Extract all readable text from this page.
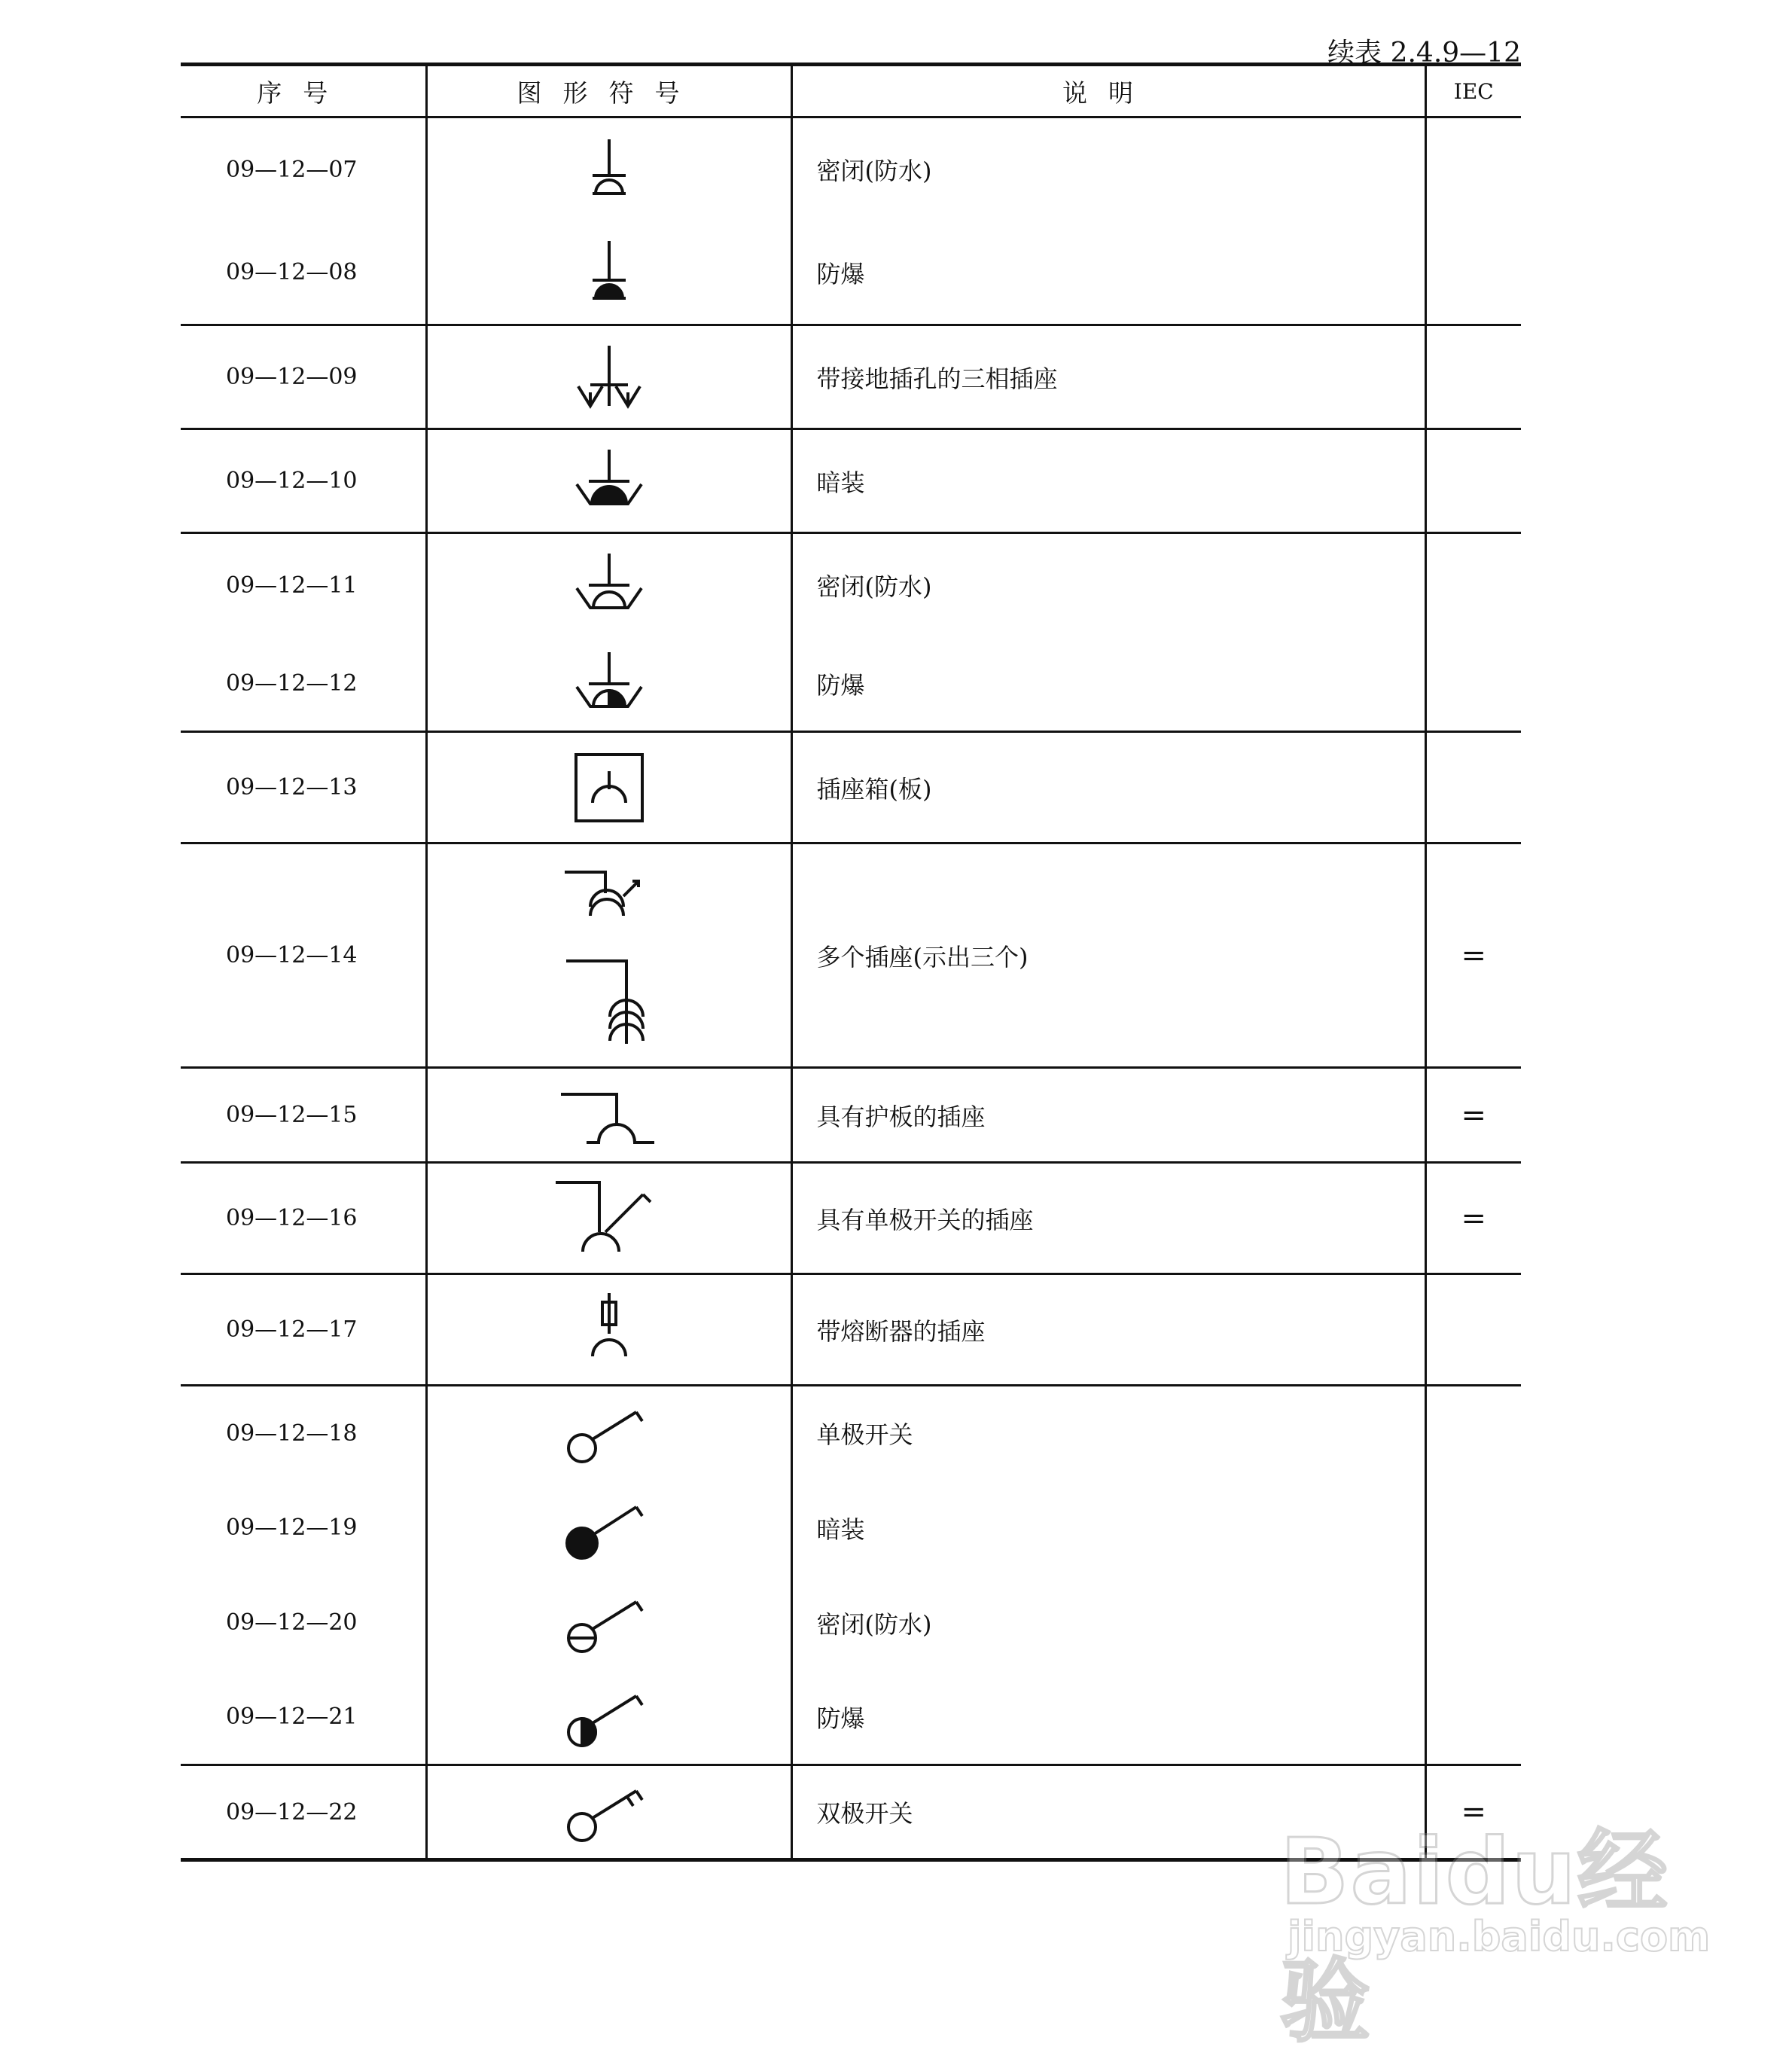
续表 2.4.9—12
序号	图形符号	说明	IEC
09—12—07		密闭(防水)	
09—12—08		防爆	
09—12—09		带接地插孔的三相插座	
09—12—10		暗装	
09—12—11		密闭(防水)	
09—12—12		防爆	
09—12—13		插座箱(板)	
09—12—14		多个插座(示出三个)	=
09—12—15		具有护板的插座	=
09—12—16		具有单极开关的插座	=
09—12—17		带熔断器的插座	
09—12—18		单极开关	
09—12—19		暗装	
09—12—20		密闭(防水)	
09—12—21		防爆	
09—12—22		双极开关	=
Baidu经验
jingyan.baidu.com
